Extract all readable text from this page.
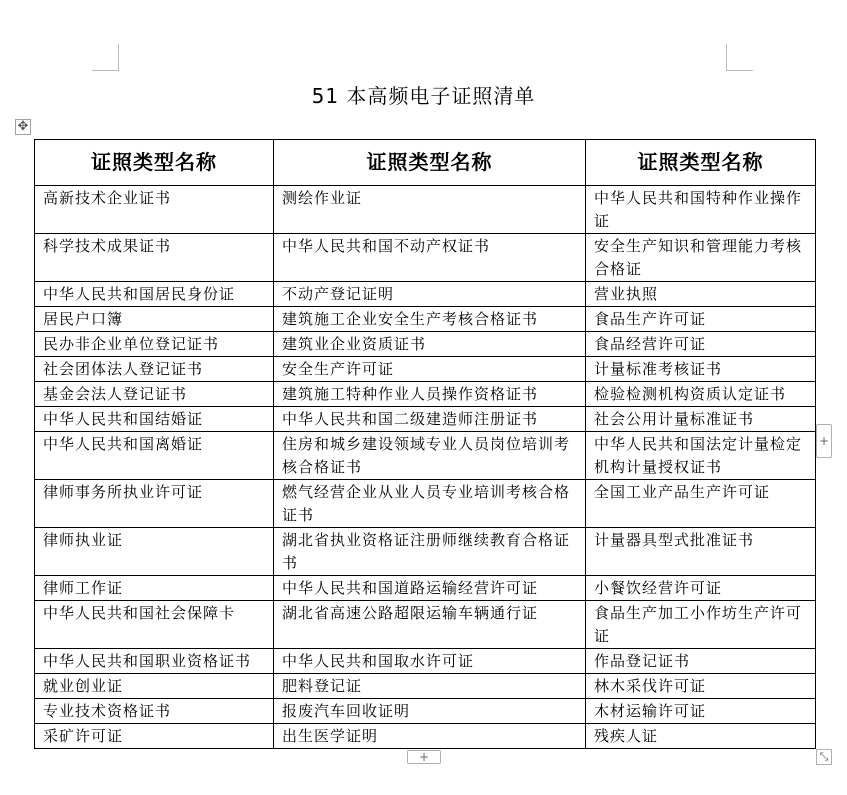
51 本高频电子证照清单
✥
证照类型名称	证照类型名称	证照类型名称
高新技术企业证书	测绘作业证	中华人民共和国特种作业操作证
科学技术成果证书	中华人民共和国不动产权证书	安全生产知识和管理能力考核合格证
中华人民共和国居民身份证	不动产登记证明	营业执照
居民户口簿	建筑施工企业安全生产考核合格证书	食品生产许可证
民办非企业单位登记证书	建筑业企业资质证书	食品经营许可证
社会团体法人登记证书	安全生产许可证	计量标准考核证书
基金会法人登记证书	建筑施工特种作业人员操作资格证书	检验检测机构资质认定证书
中华人民共和国结婚证	中华人民共和国二级建造师注册证书	社会公用计量标准证书
中华人民共和国离婚证	住房和城乡建设领域专业人员岗位培训考核合格证书	中华人民共和国法定计量检定机构计量授权证书
律师事务所执业许可证	燃气经营企业从业人员专业培训考核合格证书	全国工业产品生产许可证
律师执业证	湖北省执业资格证注册师继续教育合格证书	计量器具型式批准证书
律师工作证	中华人民共和国道路运输经营许可证	小餐饮经营许可证
中华人民共和国社会保障卡	湖北省高速公路超限运输车辆通行证	食品生产加工小作坊生产许可证
中华人民共和国职业资格证书	中华人民共和国取水许可证	作品登记证书
就业创业证	肥料登记证	林木采伐许可证
专业技术资格证书	报废汽车回收证明	木材运输许可证
采矿许可证	出生医学证明	残疾人证
+
+	⤡
